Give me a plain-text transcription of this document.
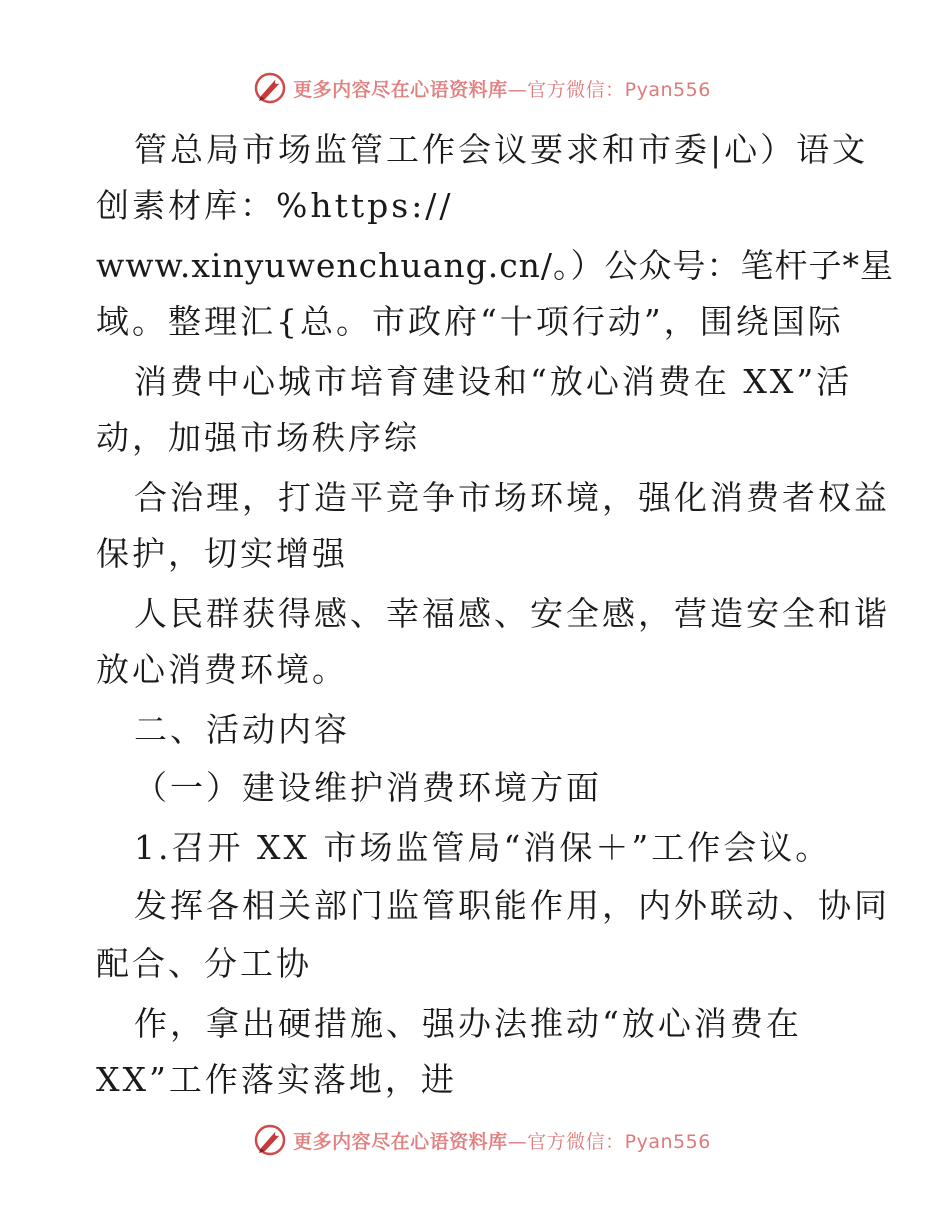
更多内容尽在心语资料库—官方微信：Pyan556
管总局市场监管工作会议要求和市委|心）语文
创素材库：%https://
www.xinyuwenchuang.cn/。）公众号：笔杆子*星
域。整理汇{总。市政府“十项行动”，围绕国际
消费中心城市培育建设和“放心消费在 XX”活
动，加强市场秩序综
合治理，打造平竞争市场环境，强化消费者权益
保护，切实增强
人民群获得感、幸福感、安全感，营造安全和谐
放心消费环境。
二、活动内容
（一）建设维护消费环境方面
1.召开 XX 市场监管局“消保＋”工作会议。
发挥各相关部门监管职能作用，内外联动、协同
配合、分工协
作，拿出硬措施、强办法推动“放心消费在
XX”工作落实落地，进
更多内容尽在心语资料库—官方微信：Pyan556
